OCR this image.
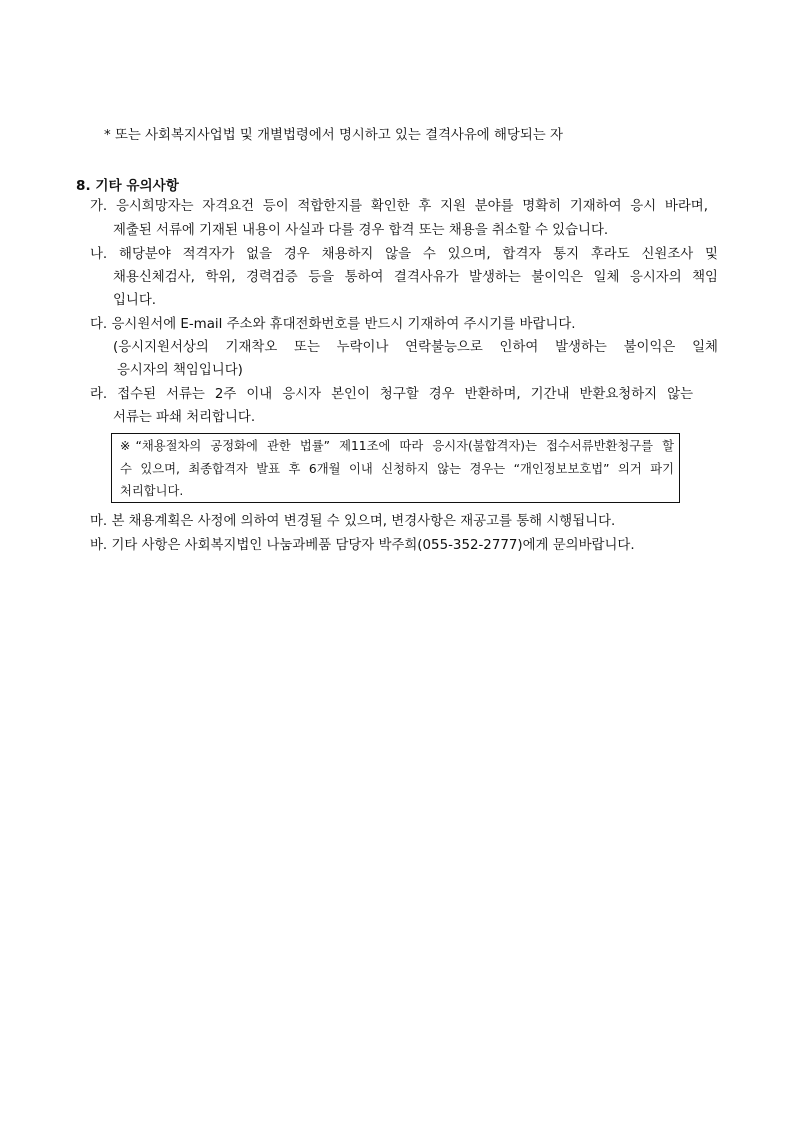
* 또는 사회복지사업법 및 개별법령에서 명시하고 있는 결격사유에 해당되는 자
8. 기타 유의사항
가. 응시희망자는 자격요건 등이 적합한지를 확인한 후 지원 분야를 명확히 기재하여 응시 바라며,
제출된 서류에 기재된 내용이 사실과 다를 경우 합격 또는 채용을 취소할 수 있습니다.
나. 해당분야 적격자가 없을 경우 채용하지 않을 수 있으며, 합격자 통지 후라도 신원조사 및
채용신체검사, 학위, 경력검증 등을 통하여 결격사유가 발생하는 불이익은 일체 응시자의 책임
입니다.
다. 응시원서에 E-mail 주소와 휴대전화번호를 반드시 기재하여 주시기를 바랍니다.
(응시지원서상의 기재착오 또는 누락이나 연락불능으로 인하여 발생하는 불이익은 일체
응시자의 책임입니다)
라. 접수된 서류는 2주 이내 응시자 본인이 청구할 경우 반환하며, 기간내 반환요청하지 않는
서류는 파쇄 처리합니다.
※“채용절차의 공정화에 관한 법률” 제11조에 따라 응시자(불합격자)는 접수서류반환청구를 할
수 있으며, 최종합격자 발표 후 6개월 이내 신청하지 않는 경우는 “개인정보보호법” 의거 파기
처리합니다.
마. 본 채용계획은 사정에 의하여 변경될 수 있으며, 변경사항은 재공고를 통해 시행됩니다.
바. 기타 사항은 사회복지법인 나눔과베품 담당자 박주희(055-352-2777)에게 문의바랍니다.
